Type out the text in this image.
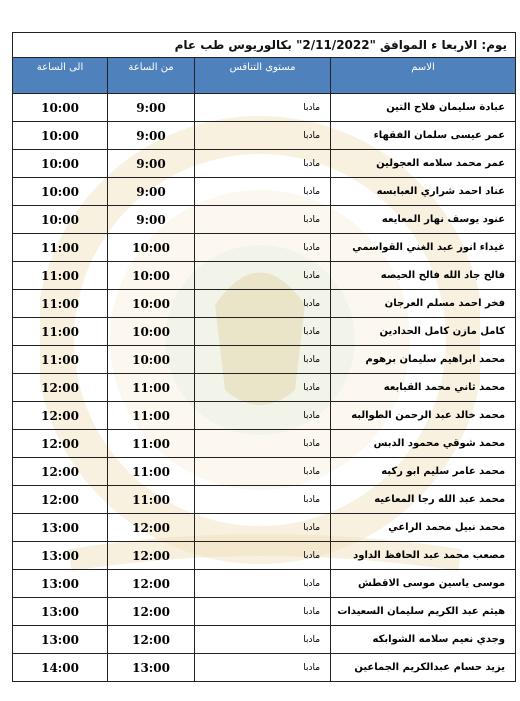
يوم: الاربعا ء الموافق "2/11/2022" بكالوريوس طب عام			
الاسم	مستوى التنافس	من الساعة	الى الساعة
عبادة سليمان فلاح التين	مادبا	9:00	10:00
عمر عيسى سلمان الفقهاء	مادبا	9:00	10:00
عمر محمد سلامه العجولين	مادبا	9:00	10:00
عناد احمد شراري العبابسه	مادبا	9:00	10:00
عنود يوسف نهار المعايعه	مادبا	9:00	10:00
غيداء انور عبد الغني القواسمي	مادبا	10:00	11:00
فالح جاد الله فالح الحيصه	مادبا	10:00	11:00
فخر احمد مسلم العرجان	مادبا	10:00	11:00
كامل مازن كامل الحدادين	مادبا	10:00	11:00
محمد ابراهيم سليمان برهوم	مادبا	10:00	11:00
محمد ثاني محمد القبابعه	مادبا	11:00	12:00
محمد خالد عبد الرحمن الطوالبه	مادبا	11:00	12:00
محمد شوقي محمود الدبس	مادبا	11:00	12:00
محمد عامر سليم ابو ركبه	مادبا	11:00	12:00
محمد عبد الله رجا المعاعيه	مادبا	11:00	12:00
محمد نبيل محمد الراعي	مادبا	12:00	13:00
مصعب محمد عبد الحافظ الداود	مادبا	12:00	13:00
موسى ياسين موسى الاقطش	مادبا	12:00	13:00
هيثم عبد الكريم سليمان السعيدات	مادبا	12:00	13:00
وجدي نعيم سلامه الشوابكه	مادبا	12:00	13:00
يزيد حسام عبدالكريم الجماعين	مادبا	13:00	14:00
